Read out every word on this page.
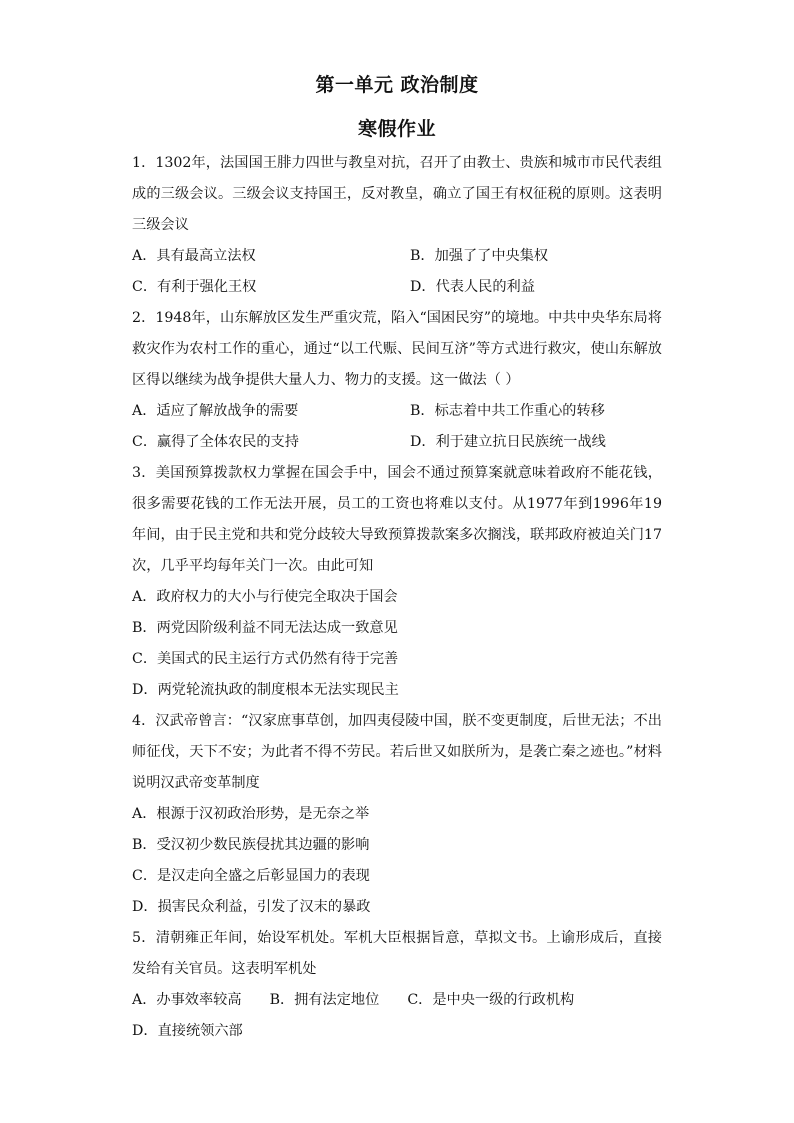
第一单元 政治制度
寒假作业

1．1302年，法国国王腓力四世与教皇对抗，召开了由教士、贵族和城市市民代表组成的三级会议。三级会议支持国王，反对教皇，确立了国王有权征税的原则。这表明三级会议

A．具有最高立法权	B．加强了了中央集权
C．有利于强化王权	D．代表人民的利益

2．1948年，山东解放区发生严重灾荒，陷入“国困民穷”的境地。中共中央华东局将救灾作为农村工作的重心，通过“以工代赈、民间互济”等方式进行救灾，使山东解放区得以继续为战争提供大量人力、物力的支援。这一做法（ ）

A．适应了解放战争的需要	B．标志着中共工作重心的转移
C．赢得了全体农民的支持	D．利于建立抗日民族统一战线

3．美国预算拨款权力掌握在国会手中，国会不通过预算案就意味着政府不能花钱，很多需要花钱的工作无法开展，员工的工资也将难以支付。从1977年到1996年19年间，由于民主党和共和党分歧较大导致预算拨款案多次搁浅，联邦政府被迫关门17次，几乎平均每年关门一次。由此可知

A．政府权力的大小与行使完全取决于国会
B．两党因阶级利益不同无法达成一致意见
C．美国式的民主运行方式仍然有待于完善
D．两党轮流执政的制度根本无法实现民主

4．汉武帝曾言：“汉家庶事草创，加四夷侵陵中国，朕不变更制度，后世无法；不出师征伐，天下不安；为此者不得不劳民。若后世又如朕所为，是袭亡秦之迹也。”材料说明汉武帝变革制度

A．根源于汉初政治形势，是无奈之举
B．受汉初少数民族侵扰其边疆的影响
C．是汉走向全盛之后彰显国力的表现
D．损害民众利益，引发了汉末的暴政

5．清朝雍正年间，始设军机处。军机大臣根据旨意，草拟文书。上谕形成后，直接发给有关官员。这表明军机处

A．办事效率较高 B．拥有法定地位 C．是中央一级的行政机构
D．直接统领六部
